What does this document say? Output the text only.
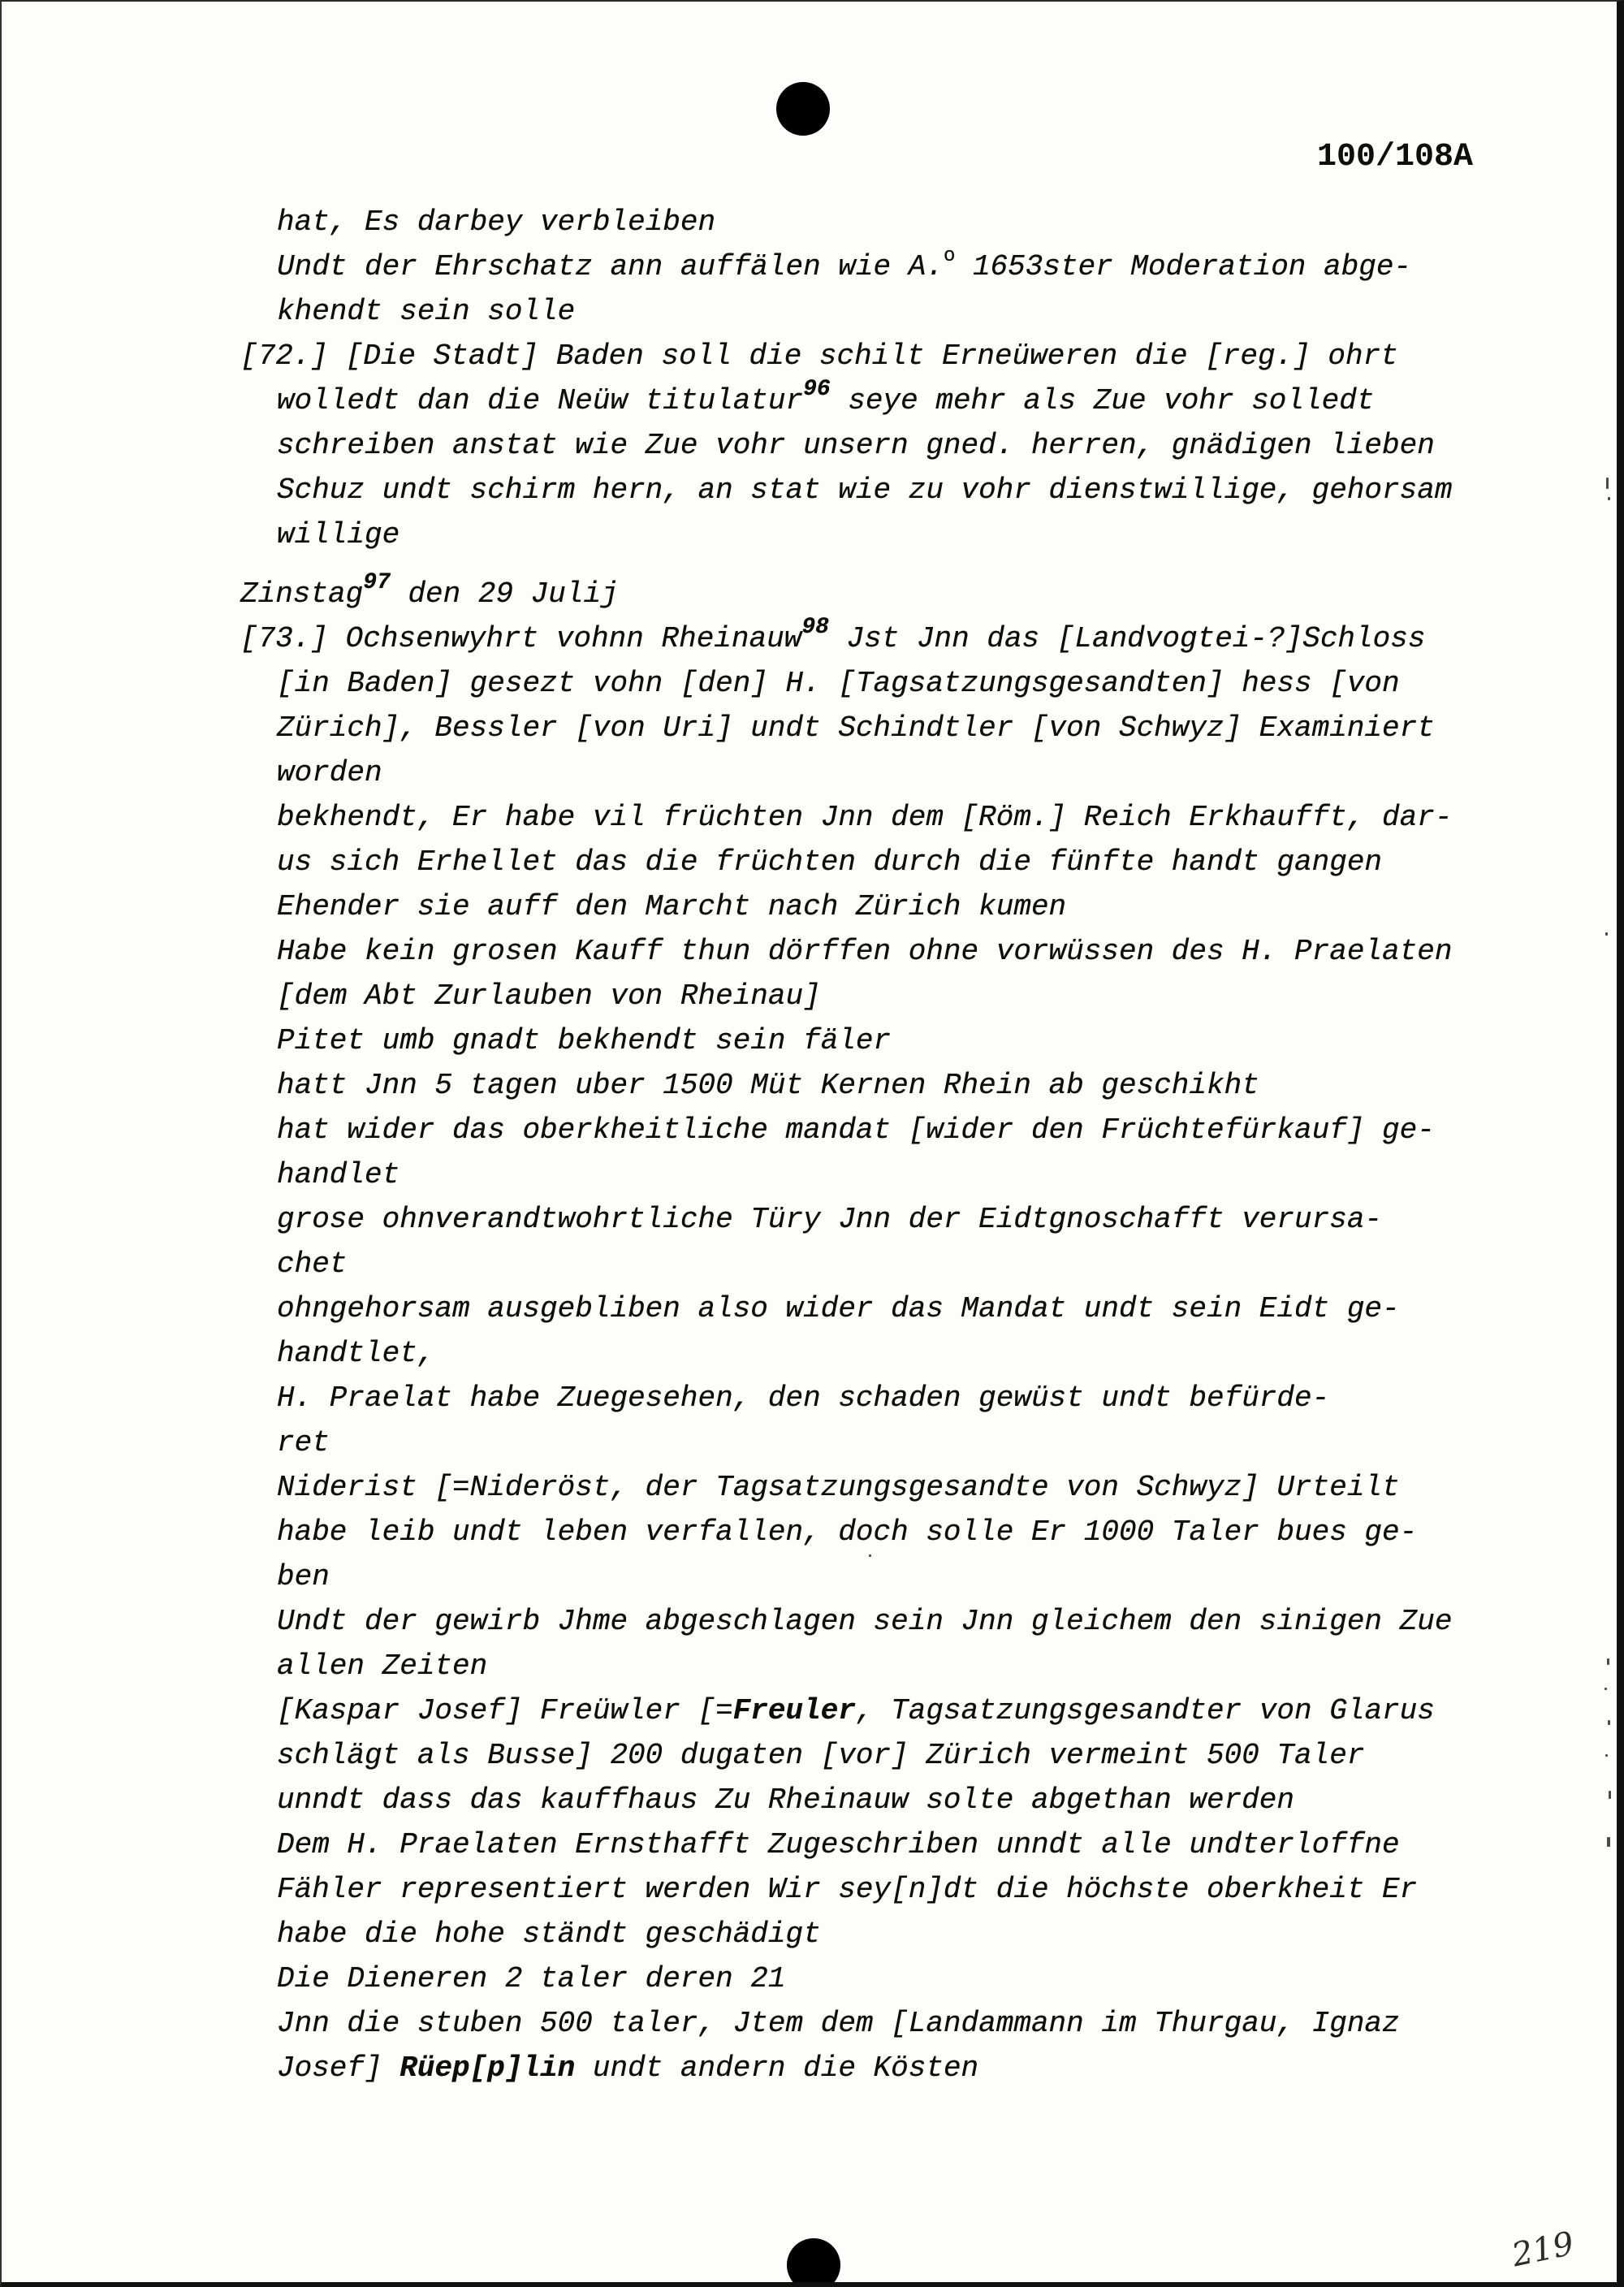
100/108A
hat, Es darbey verbleiben
Undt der Ehrschatz ann auffälen wie A.$^o$ 1653ster Moderation abge-
khendt sein solle
[72.] [Die Stadt] Baden soll die schilt Erneüweren die [reg.] ohrt
wolledt dan die Neüw titulatur$^{96}$ seye mehr als Zue vohr solledt
schreiben anstat wie Zue vohr unsern gned. herren, gnädigen lieben
Schuz undt schirm hern, an stat wie zu vohr dienstwillige, gehorsam
willige
Zinstag$^{97}$ den 29 Julij
[73.] Ochsenwyhrt vohnn Rheinauw$^{98}$ Jst Jnn das [Landvogtei-?]Schloss
[in Baden] gesezt vohn [den] H. [Tagsatzungsgesandten] hess [von
Zürich], Bessler [von Uri] undt Schindtler [von Schwyz] Examiniert
worden
bekhendt, Er habe vil früchten Jnn dem [Röm.] Reich Erkhaufft, dar-
us sich Erhellet das die früchten durch die fünfte handt gangen
Ehender sie auff den Marcht nach Zürich kumen
Habe kein grosen Kauff thun dörffen ohne vorwüssen des H. Praelaten
[dem Abt Zurlauben von Rheinau]
Pitet umb gnadt bekhendt sein fäler
hatt Jnn 5 tagen uber 1500 Müt Kernen Rhein ab geschikht
hat wider das oberkheitliche mandat [wider den Früchtefürkauf] ge-
handlet
grose ohnverandtwohrtliche Türy Jnn der Eidtgnoschafft verursa-
chet
ohngehorsam ausgebliben also wider das Mandat undt sein Eidt ge-
handtlet,
H. Praelat habe Zuegesehen, den schaden gewüst undt befürde-
ret
Niderist [=Nideröst, der Tagsatzungsgesandte von Schwyz] Urteilt
habe leib undt leben verfallen, doch solle Er 1000 Taler bues ge-
ben
Undt der gewirb Jhme abgeschlagen sein Jnn gleichem den sinigen Zue
allen Zeiten
[Kaspar Josef] Freüwler [=Freuler, Tagsatzungsgesandter von Glarus
schlägt als Busse] 200 dugaten [vor] Zürich vermeint 500 Taler
unndt dass das kauffhaus Zu Rheinauw solte abgethan werden
Dem H. Praelaten Ernsthafft Zugeschriben unndt alle undterloffne
Fähler representiert werden Wir sey[n]dt die höchste oberkheit Er
habe die hohe ständt geschädigt
Die Dieneren 2 taler deren 21
Jnn die stuben 500 taler, Jtem dem [Landammann im Thurgau, Ignaz
Josef] Rüep[p]lin undt andern die Kösten
219
